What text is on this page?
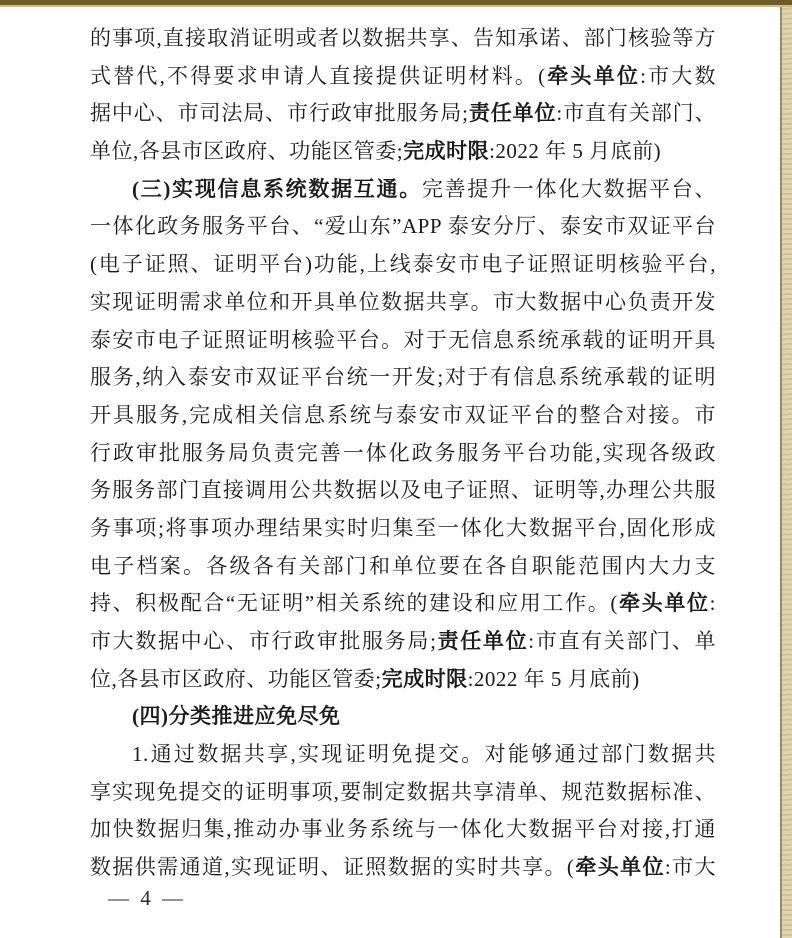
的事项,直接取消证明或者以数据共享、告知承诺、部门核验等方
式替代,不得要求申请人直接提供证明材料。(牵头单位:市大数
据中心、市司法局、市行政审批服务局;责任单位:市直有关部门、
单位,各县市区政府、功能区管委;完成时限:2022 年 5 月底前)
(三)实现信息系统数据互通。完善提升一体化大数据平台、
一体化政务服务平台、“爱山东”APP 泰安分厅、泰安市双证平台
(电子证照、证明平台)功能,上线泰安市电子证照证明核验平台,
实现证明需求单位和开具单位数据共享。市大数据中心负责开发
泰安市电子证照证明核验平台。对于无信息系统承载的证明开具
服务,纳入泰安市双证平台统一开发;对于有信息系统承载的证明
开具服务,完成相关信息系统与泰安市双证平台的整合对接。市
行政审批服务局负责完善一体化政务服务平台功能,实现各级政
务服务部门直接调用公共数据以及电子证照、证明等,办理公共服
务事项;将事项办理结果实时归集至一体化大数据平台,固化形成
电子档案。各级各有关部门和单位要在各自职能范围内大力支
持、积极配合“无证明”相关系统的建设和应用工作。(牵头单位:
市大数据中心、市行政审批服务局;责任单位:市直有关部门、单
位,各县市区政府、功能区管委;完成时限:2022 年 5 月底前)
(四)分类推进应免尽免
1.通过数据共享,实现证明免提交。对能够通过部门数据共
享实现免提交的证明事项,要制定数据共享清单、规范数据标准、
加快数据归集,推动办事业务系统与一体化大数据平台对接,打通
数据供需通道,实现证明、证照数据的实时共享。(牵头单位:市大
— 4 —
